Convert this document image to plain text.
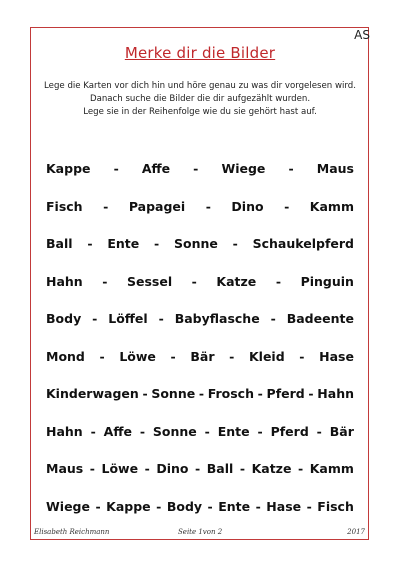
AS
Merke dir die Bilder
Lege die Karten vor dich hin und höre genau zu was dir vorgelesen wird.
Danach suche die Bilder die dir aufgezählt wurden.
Lege sie in der Reihenfolge wie du sie gehört hast auf.
Kappe - Affe - Wiege - Maus
Fisch - Papagei - Dino - Kamm
Ball - Ente - Sonne - Schaukelpferd
Hahn - Sessel - Katze - Pinguin
Body - Löffel - Babyflasche - Badeente
Mond - Löwe - Bär - Kleid - Hase
Kinderwagen - Sonne - Frosch - Pferd - Hahn
Hahn - Affe - Sonne - Ente - Pferd - Bär
Maus - Löwe - Dino - Ball - Katze - Kamm
Wiege - Kappe - Body - Ente - Hase - Fisch
Elisabeth Reichmann	Seite 1von 2	2017
